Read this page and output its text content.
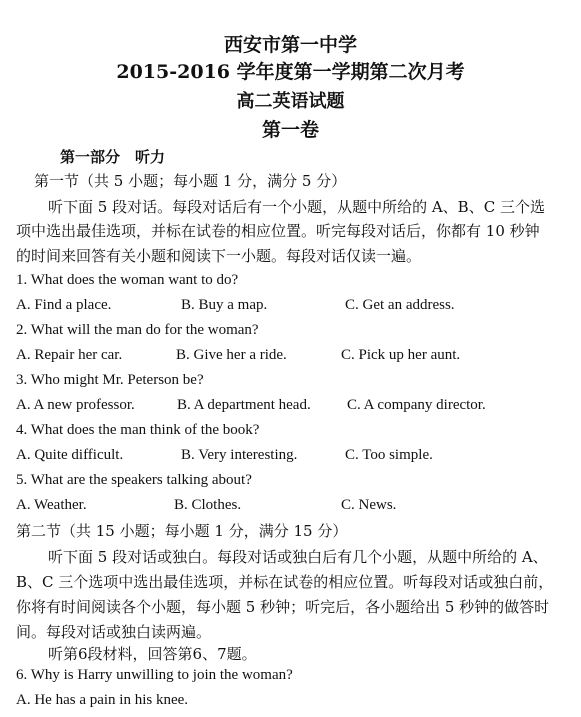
西安市第一中学
2015-2016 学年度第一学期第二次月考
高二英语试题
第一卷
第一部分　听力
第一节（共 5 小题；每小题 1 分，满分 5 分）
听下面 5 段对话。每段对话后有一个小题，从题中所给的 A、B、C 三个选
项中选出最佳选项，并标在试卷的相应位置。听完每段对话后，你都有 10 秒钟
的时间来回答有关小题和阅读下一小题。每段对话仅读一遍。
1. What does the woman want to do?
A. Find a place.	B. Buy a map.	C. Get an address.
2. What will the man do for the woman?
A. Repair her car.	B. Give her a ride.	C. Pick up her aunt.
3. Who might Mr. Peterson be?
A. A new professor.	B. A department head. C. A company director.
4. What does the man think of the book?
A. Quite difficult.	B. Very interesting.	C. Too simple.
5. What are the speakers talking about?
A. Weather.	B. Clothes.	C. News.
第二节（共 15 小题；每小题 1 分，满分 15 分）
听下面 5 段对话或独白。每段对话或独白后有几个小题，从题中所给的 A、
B、C 三个选项中选出最佳选项，并标在试卷的相应位置。听每段对话或独白前，
你将有时间阅读各个小题，每小题 5 秒钟；听完后，各小题给出 5 秒钟的做答时
间。每段对话或独白读两遍。
听第6段材料，回答第6、7题。
6. Why is Harry unwilling to join the woman?
A. He has a pain in his knee.
